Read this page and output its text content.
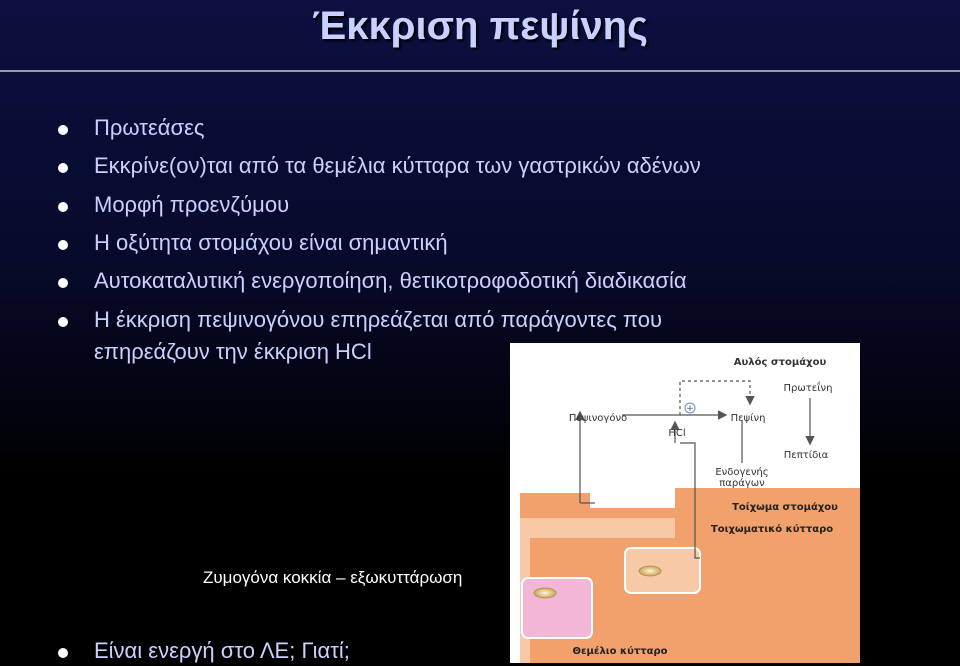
Έκκριση πεψίνης
Πρωτεάσες
Εκκρίνε(ον)ται από τα θεμέλια κύτταρα των γαστρικών αδένων
Μορφή προενζύμου
Η οξύτητα στομάχου είναι σημαντική
Αυτοκαταλυτική ενεργοποίηση, θετικοτροφοδοτική διαδικασία
Η έκκριση πεψινογόνου επηρεάζεται από παράγοντες που
Είναι ενεργή στο ΛΕ; Γιατί;
επηρεάζουν την έκκριση HCl
+
Αυλός στομάχου
Πρωτεΐνη
Πεψινογόνο	Πεψίνη
HCl
Πεπτίδια
Ενδογενής
παράγων
Τοίχωμα στομάχου
Τοιχωματικό κύτταρο
Θεμέλιο κύτταρο
Ζυμογόνα κοκκία – εξωκυττάρωση
